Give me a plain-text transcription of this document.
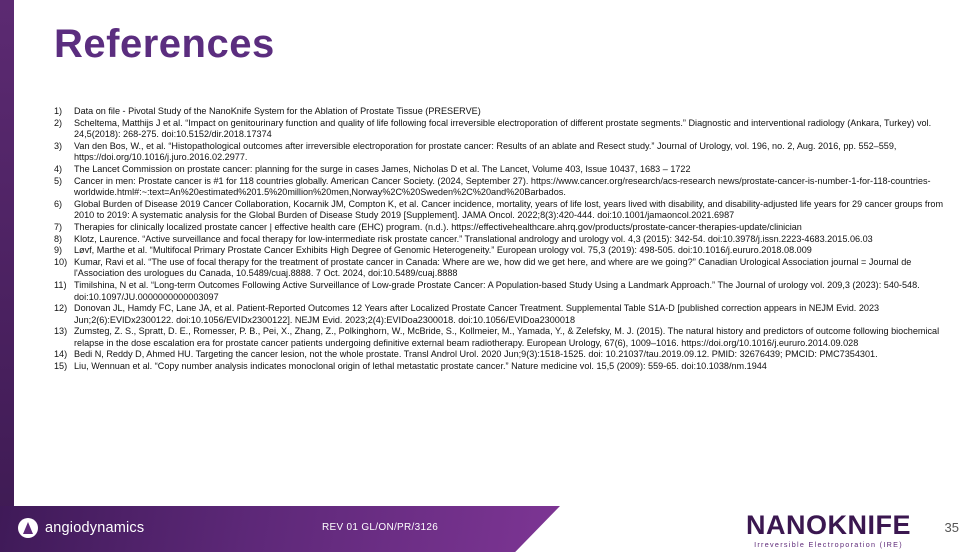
References
1)	Data on file - Pivotal Study of the NanoKnife System for the Ablation of Prostate Tissue (PRESERVE)
2)	Scheltema, Matthijs J et al. “Impact on genitourinary function and quality of life following focal irreversible electroporation of different prostate segments.” Diagnostic and interventional radiology (Ankara, Turkey) vol. 24,5(2018): 268-275. doi:10.5152/dir.2018.17374
3)	Van den Bos, W., et al. “Histopathological outcomes after irreversible electroporation for prostate cancer: Results of an ablate and Resect study.” Journal of Urology, vol. 196, no. 2, Aug. 2016, pp. 552–559, https://doi.org/10.1016/j.juro.2016.02.2977.
4)	The Lancet Commission on prostate cancer: planning for the surge in cases James, Nicholas D et al. The Lancet, Volume 403, Issue 10437, 1683 – 1722
5)	Cancer in men: Prostate cancer is #1 for 118 countries globally. American Cancer Society. (2024, September 27). https://www.cancer.org/research/acs-research news/prostate-cancer-is-number-1-for-118-countries-worldwide.html#:~:text=An%20estimated%201.5%20million%20men,Norway%2C%20Sweden%2C%20and%20Barbados.
6)	Global Burden of Disease 2019 Cancer Collaboration, Kocarnik JM, Compton K, et al. Cancer incidence, mortality, years of life lost, years lived with disability, and disability-adjusted life years for 29 cancer groups from 2010 to 2019: A systematic analysis for the Global Burden of Disease Study 2019 [Supplement]. JAMA Oncol. 2022;8(3):420-444. doi:10.1001/jamaoncol.2021.6987
7)	Therapies for clinically localized prostate cancer | effective health care (EHC) program. (n.d.). https://effectivehealthcare.ahrq.gov/products/prostate-cancer-therapies-update/clinician
8)	Klotz, Laurence. “Active surveillance and focal therapy for low-intermediate risk prostate cancer.” Translational andrology and urology vol. 4,3 (2015): 342-54. doi:10.3978/j.issn.2223-4683.2015.06.03
9)	Løvf, Marthe et al. “Multifocal Primary Prostate Cancer Exhibits High Degree of Genomic Heterogeneity.” European urology vol. 75,3 (2019): 498-505. doi:10.1016/j.eururo.2018.08.009
10) Kumar, Ravi et al. “The use of focal therapy for the treatment of prostate cancer in Canada: Where are we, how did we get here, and where are we going?” Canadian Urological Association journal = Journal de l'Association des urologues du Canada, 10.5489/cuaj.8888. 7 Oct. 2024, doi:10.5489/cuaj.8888
11) Timilshina, N et al. “Long-term Outcomes Following Active Surveillance of Low-grade Prostate Cancer: A Population-based Study Using a Landmark Approach.” The Journal of urology vol. 209,3 (2023): 540-548. doi:10.1097/JU.0000000000003097
12) Donovan JL, Hamdy FC, Lane JA, et al. Patient-Reported Outcomes 12 Years after Localized Prostate Cancer Treatment. Supplemental Table S1A-D [published correction appears in NEJM Evid. 2023 Jun;2(6):EVIDx2300122. doi:10.1056/EVIDx2300122]. NEJM Evid. 2023;2(4):EVIDoa2300018. doi:10.1056/EVIDoa2300018
13) Zumsteg, Z. S., Spratt, D. E., Romesser, P. B., Pei, X., Zhang, Z., Polkinghorn, W., McBride, S., Kollmeier, M., Yamada, Y., & Zelefsky, M. J. (2015). The natural history and predictors of outcome following biochemical relapse in the dose escalation era for prostate cancer patients undergoing definitive external beam radiotherapy. European Urology, 67(6), 1009–1016. https://doi.org/10.1016/j.eururo.2014.09.028
14) Bedi N, Reddy D, Ahmed HU. Targeting the cancer lesion, not the whole prostate. Transl Androl Urol. 2020 Jun;9(3):1518-1525. doi: 10.21037/tau.2019.09.12. PMID: 32676439; PMCID: PMC7354301.
15) Liu, Wennuan et al. “Copy number analysis indicates monoclonal origin of lethal metastatic prostate cancer.” Nature medicine vol. 15,5 (2009): 559-65. doi:10.1038/nm.1944
angiodynamics	REV 01 GL/ON/PR/3126	NANOKNIFE
Irreversible Electroporation (IRE)
35
